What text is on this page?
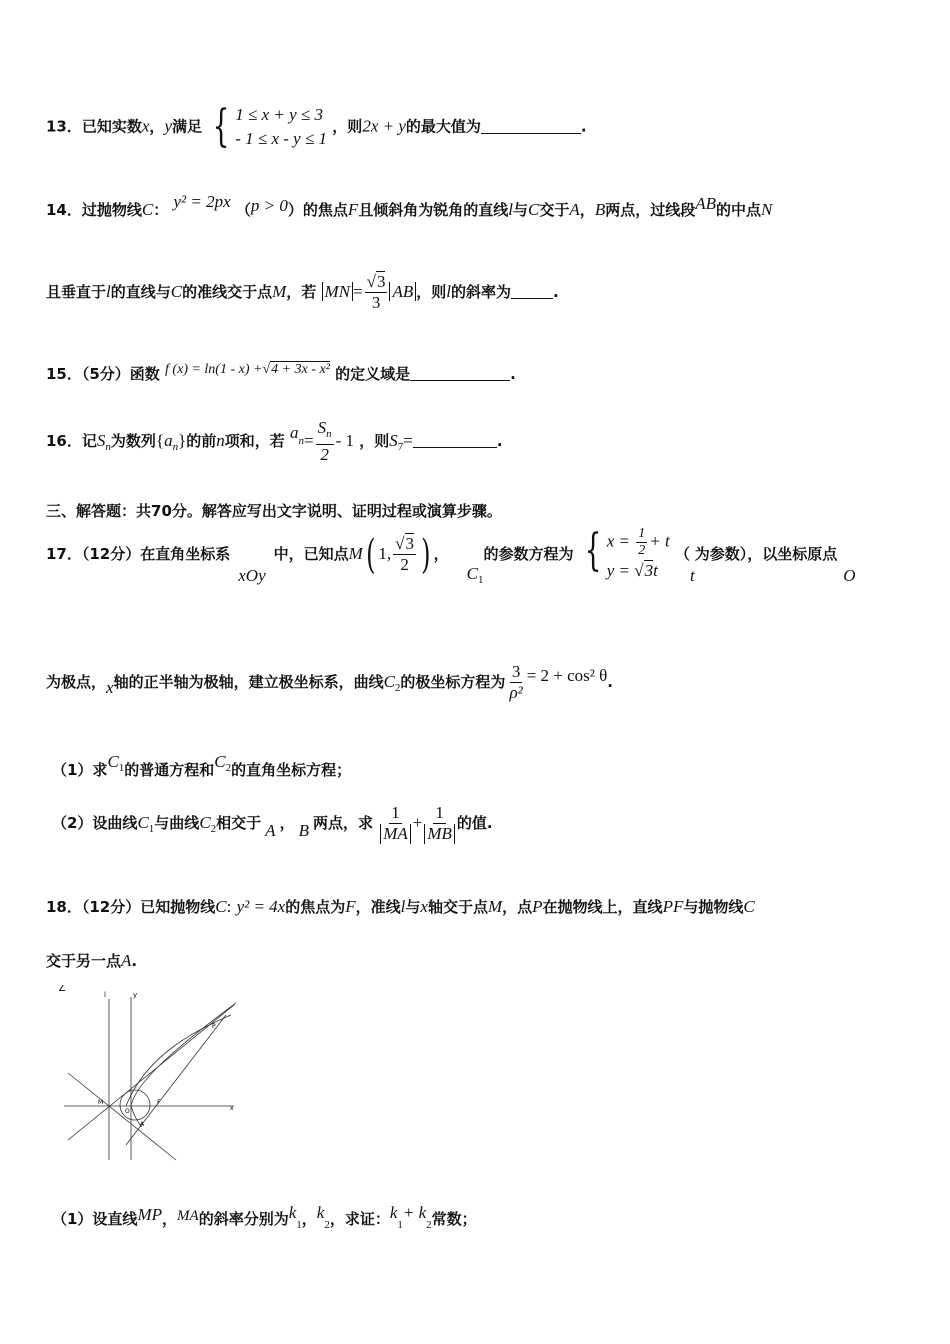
13．已知实数x，y满足 { 1 ≤ x + y ≤ 3
- 1 ≤ x - y ≤ 1
，则2x + y的最大值为	.
14．过抛物线C： y² = 2px （p > 0）的焦点F且倾斜角为锐角的直线l与C交于A，B两点，过线段AB的中点N
且垂直于l的直线与C的准线交于点M，若 MN = $\frac{√3}{3}$ AB ，则l的斜率为	.
15．（5分）函数 f (x) = ln(1 - x) +√4 + 3x - x² 的定义域是	.
16．记$S_n$为数列$\{a_n\}$的前n项和，若 $an= \frac{S_n}{2} - 1$ ，则$S_7=$	.
三、解答题：共70分。解答应写出文字说明、证明过程或演算步骤。
17．（12分）在直角坐标系xOy中，已知点M( 1, $\frac{√3}{2}$ ) ，$C_1$的参数方程为 { $x = \frac{1}{2} + t$
y = √3t
（t为参数），以坐标原点O
为极点，x轴的正半轴为极轴，建立极坐标系，曲线$C_2$的极坐标方程为 $\frac{3}{\text{ρ²}} = 2 + \cos^2$ θ.
（1）求$C^1$的普通方程和$C^2$的直角坐标方程；
（2）设曲线$C_1$与曲线$C_2$相交于 A ， B 两点，求 $\frac{1}{MA} + \frac{1}{MB}$ 的值.
18．（12分）已知抛物线C: y² = 4x的焦点为F，准线l与x轴交于点M，点P在抛物线上，直线PF与抛物线C
交于另一点A.
∠
l	y
M
O
F
A
P
x
（1）设直线MP，MA的斜率分别为$k_1$，$k_2$，求证：$k_1+ k_2$常数；
